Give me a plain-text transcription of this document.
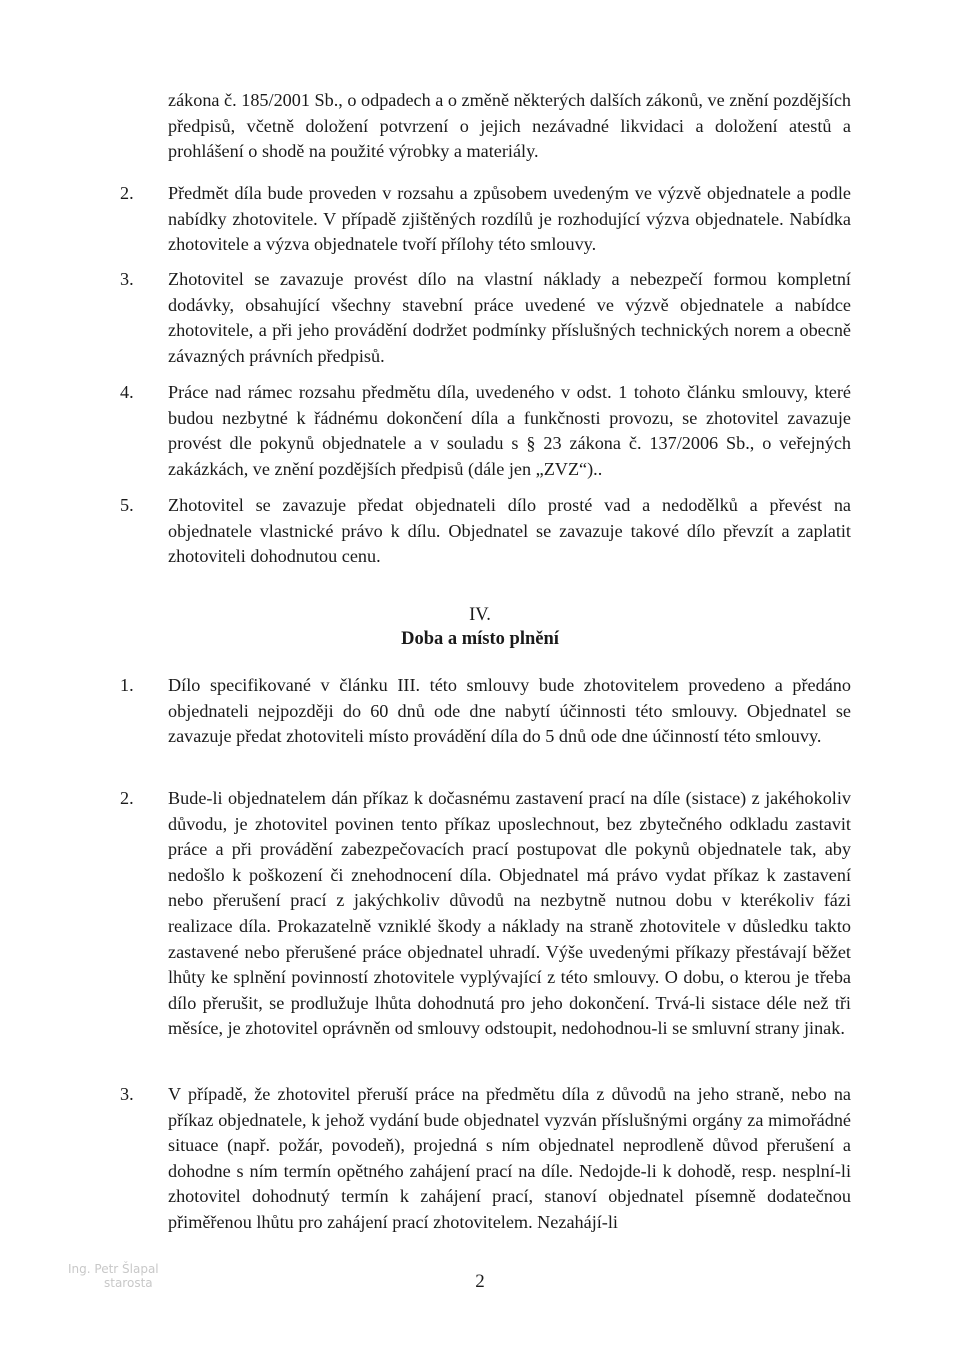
zákona č. 185/2001 Sb., o odpadech a o změně některých dalších zákonů, ve znění pozdějších předpisů, včetně doložení potvrzení o jejich nezávadné likvidaci a doložení atestů a prohlášení o shodě na použité výrobky a materiály.

2. Předmět díla bude proveden v rozsahu a způsobem uvedeným ve výzvě objednatele a podle nabídky zhotovitele. V případě zjištěných rozdílů je rozhodující výzva objednatele. Nabídka zhotovitele a výzva objednatele tvoří přílohy této smlouvy.

3. Zhotovitel se zavazuje provést dílo na vlastní náklady a nebezpečí formou kompletní dodávky, obsahující všechny stavební práce uvedené ve výzvě objednatele a nabídce zhotovitele, a při jeho provádění dodržet podmínky příslušných technických norem a obecně závazných právních předpisů.

4. Práce nad rámec rozsahu předmětu díla, uvedeného v odst. 1 tohoto článku smlouvy, které budou nezbytné k řádnému dokončení díla a funkčnosti provozu, se zhotovitel zavazuje provést dle pokynů objednatele a v souladu s § 23 zákona č. 137/2006 Sb., o veřejných zakázkách, ve znění pozdějších předpisů (dále jen „ZVZ“)..

5. Zhotovitel se zavazuje předat objednateli dílo prosté vad a nedodělků a převést na objednatele vlastnické právo k dílu. Objednatel se zavazuje takové dílo převzít a zaplatit zhotoviteli dohodnutou cenu.

IV.

Doba a místo plnění

1. Dílo specifikované v článku III. této smlouvy bude zhotovitelem provedeno a předáno objednateli nejpozději do 60 dnů ode dne nabytí účinnosti této smlouvy. Objednatel se zavazuje předat zhotoviteli místo provádění díla do 5 dnů ode dne účinností této smlouvy.

2. Bude-li objednatelem dán příkaz k dočasnému zastavení prací na díle (sistace) z jakéhokoliv důvodu, je zhotovitel povinen tento příkaz uposlechnout, bez zbytečného odkladu zastavit práce a při provádění zabezpečovacích prací postupovat dle pokynů objednatele tak, aby nedošlo k poškození či znehodnocení díla. Objednatel má právo vydat příkaz k zastavení nebo přerušení prací z jakýchkoliv důvodů na nezbytně nutnou dobu v kterékoliv fázi realizace díla. Prokazatelně vzniklé škody a náklady na straně zhotovitele v důsledku takto zastavené nebo přerušené práce objednatel uhradí. Výše uvedenými příkazy přestávají běžet lhůty ke splnění povinností zhotovitele vyplývající z této smlouvy. O dobu, o kterou je třeba dílo přerušit, se prodlužuje lhůta dohodnutá pro jeho dokončení. Trvá-li sistace déle než tři měsíce, je zhotovitel oprávněn od smlouvy odstoupit, nedohodnou-li se smluvní strany jinak.

3. V případě, že zhotovitel přeruší práce na předmětu díla z důvodů na jeho straně, nebo na příkaz objednatele, k jehož vydání bude objednatel vyzván příslušnými orgány za mimořádné situace (např. požár, povodeň), projedná s ním objednatel neprodleně důvod přerušení a dohodne s ním termín opětného zahájení prací na díle. Nedojde-li k dohodě, resp. nesplní-li zhotovitel dohodnutý termín k zahájení prací, stanoví objednatel písemně dodatečnou přiměřenou lhůtu pro zahájení prací zhotovitelem. Nezahájí-li

Ing. Petr Šlapal
starosta	2
